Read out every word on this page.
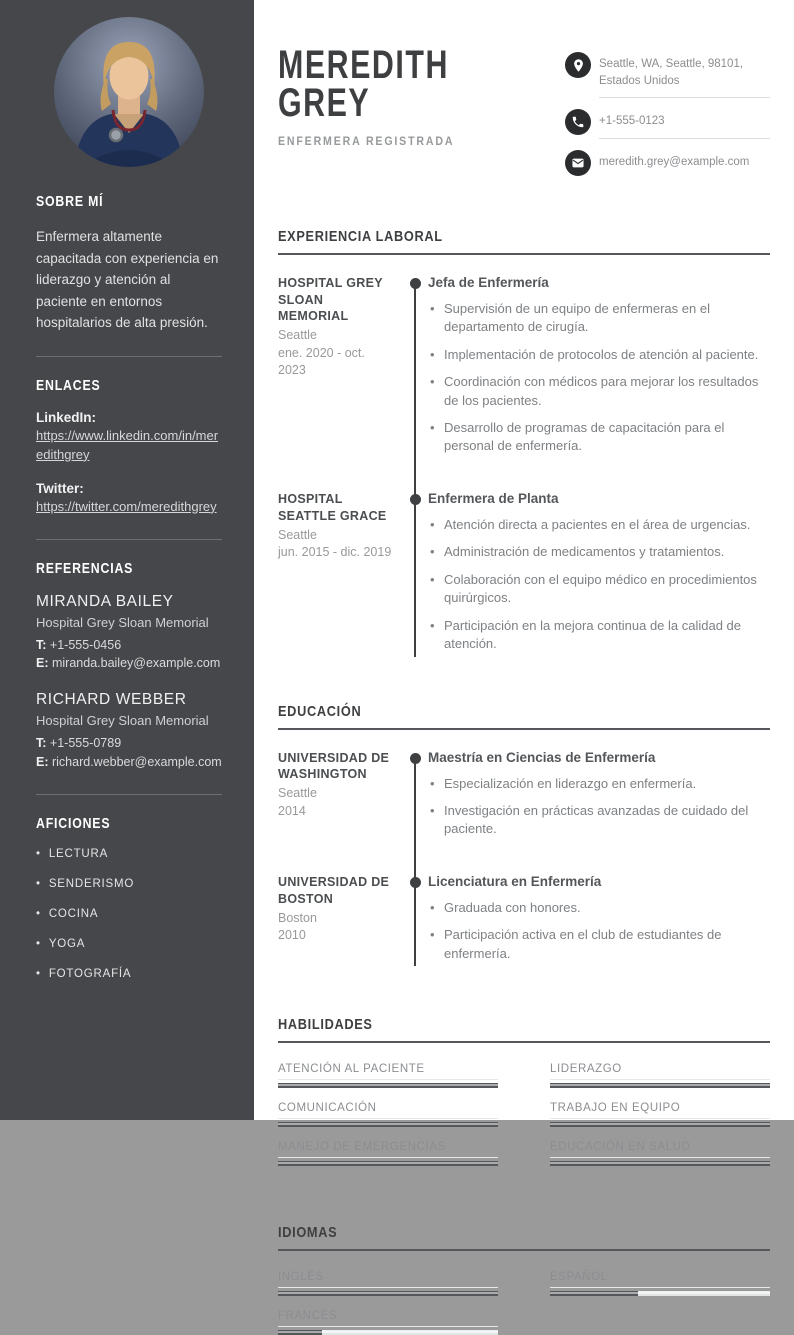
SOBRE MÍ

Enfermera altamente capacitada con experiencia en liderazgo y atención al paciente en entornos hospitalarios de alta presión.

ENLACES
LinkedIn:
https://www.linkedin.com/in/meredithgrey
Twitter:
https://twitter.com/meredithgrey
REFERENCIAS
MIRANDA BAILEY
Hospital Grey Sloan Memorial
T: +1-555-0456
E: miranda.bailey@example.com
RICHARD WEBBER
Hospital Grey Sloan Memorial
T: +1-555-0789
E: richard.webber@example.com
AFICIONES
• LECTURA
• SENDERISMO
• COCINA
• YOGA
• FOTOGRAFÍA
MEREDITH
GREY
ENFERMERA REGISTRADA
Seattle, WA, Seattle, 98101, Estados Unidos
+1-555-0123
meredith.grey@example.com
EXPERIENCIA LABORAL
HOSPITAL GREY SLOAN MEMORIAL
Seattle
ene. 2020 - oct. 2023
Jefa de Enfermería
• Supervisión de un equipo de enfermeras en el departamento de cirugía.
• Implementación de protocolos de atención al paciente.
• Coordinación con médicos para mejorar los resultados de los pacientes.
• Desarrollo de programas de capacitación para el personal de enfermería.
HOSPITAL SEATTLE GRACE
Seattle
jun. 2015 - dic. 2019
Enfermera de Planta
• Atención directa a pacientes en el área de urgencias.
• Administración de medicamentos y tratamientos.
• Colaboración con el equipo médico en procedimientos quirúrgicos.
• Participación en la mejora continua de la calidad de atención.
EDUCACIÓN
UNIVERSIDAD DE WASHINGTON
Seattle
2014
Maestría en Ciencias de Enfermería
• Especialización en liderazgo en enfermería.
• Investigación en prácticas avanzadas de cuidado del paciente.
UNIVERSIDAD DE BOSTON
Boston
2010
Licenciatura en Enfermería
• Graduada con honores.
• Participación activa en el club de estudiantes de enfermería.
HABILIDADES
ATENCIÓN AL PACIENTE	LIDERAZGO
COMUNICACIÓN	TRABAJO EN EQUIPO
MANEJO DE EMERGENCIAS	EDUCACIÓN EN SALUD
IDIOMAS
INGLÉS	ESPAÑOL
FRANCÉS
